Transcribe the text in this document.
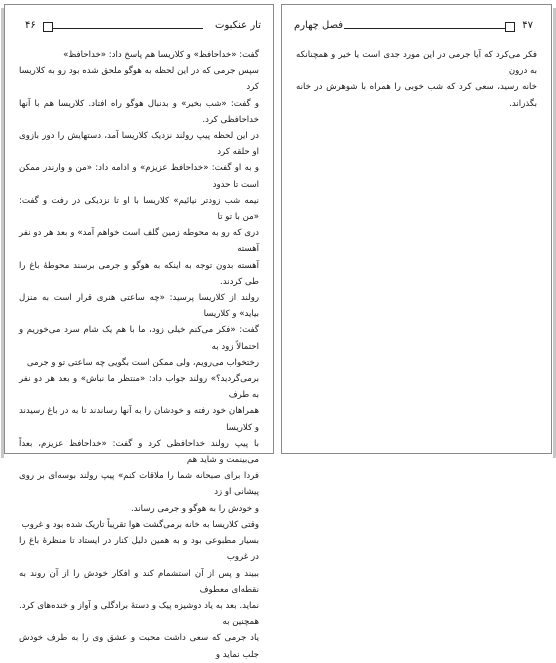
۴۶	تار عنکبوت

گفت: «خداحافظ» و کلاریسا هم پاسخ داد: «خداحافظ»

سپس جرمی که در این لحظه به هوگو ملحق شده بود رو به کلاریسا کرد

و گفت: «شب بخیر» و بدنبال هوگو راه افتاد. کلاریسا هم با آنها خداحافظی کرد.

در این لحظه پیپ رولند نزدیک کلاریسا آمد، دستهایش را دور بازوی او حلقه کرد

و به او گفت: «خداحافظ عزیزم» و ادامه داد: «من و وارندر ممکن است تا حدود

نیمه شب زودتر نیائیم» کلاریسا با او تا نزدیکی در رفت و گفت: «من با تو تا

دری که رو به محوطه زمین گلف است خواهم آمد» و بعد هر دو نفر آهسته

آهسته بدون توجه به اینکه به هوگو و جرمی برسند محوطهٔ باغ را طی کردند.

رولند از کلاریسا پرسید: «چه ساعتی هنری قرار است به منزل بیاید» و کلاریسا

گفت: «فکر می‌کنم خیلی زود، ما با هم یک شام سرد می‌خوریم و احتمالاً زود به

رختخواب می‌رویم، ولی ممکن است بگویی چه ساعتی تو و جرمی

برمی‌گردید؟» رولند جواب داد: «منتظر ما نباش» و بعد هر دو نفر به طرف

همراهان خود رفته و خودشان را به آنها رساندند تا به در باغ رسیدند و کلاریسا

با پیپ رولند خداحافظی کرد و گفت: «خداحافظ عزیزم، بعداً می‌بینمت و شاید هم

فردا برای صبحانه شما را ملاقات کنم» پیپ رولند بوسه‌ای بر روی پیشانی او زد

و خودش را به هوگو و جرمی رساند.

وقتی کلاریسا به خانه برمی‌گشت هوا تقریباً تاریک شده بود و غروب

بسیار مطبوعی بود و به همین دلیل کنار در ایستاد تا منظرهٔ باغ را در غروب

ببیند و پس از آن استشمام کند و افکار خودش را از آن روند به نقطه‌ای معطوف

نماید. بعد به یاد دوشیزه پیک و دستهٔ برادگلی و آواز و خنده‌های کرد. همچنین به

یاد جرمی که سعی داشت محبت و عشق وی را به طرف خودش جلب نماید و

۴۷
فصل چهارم

فکر می‌کرد که آیا جرمی در این مورد جدی است یا خیر و همچنانکه به درون

خانه رسید، سعی کرد که شب خوبی را همراه با شوهرش در خانه بگذراند.
